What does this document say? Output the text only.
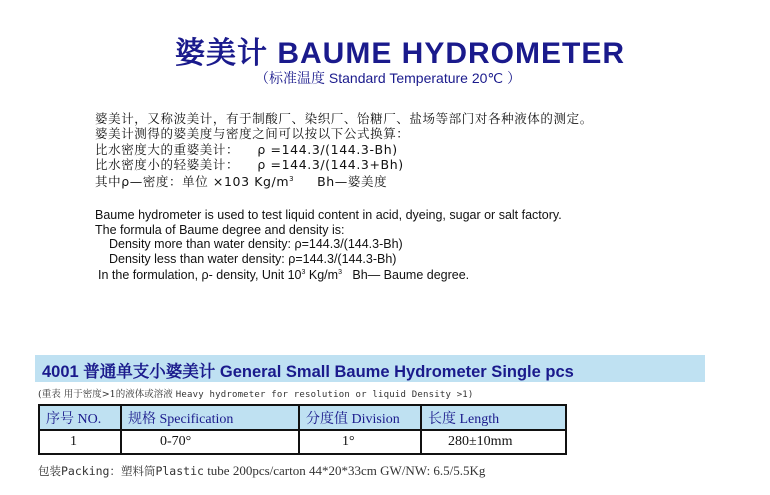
婆美计 BAUME HYDROMETER
（标准温度 Standard Temperature 20℃ ）
婆美计，又称波美计，有于制酸厂、染织厂、饴糖厂、盐场等部门对各种液体的测定。
婆美计测得的婆美度与密度之间可以按以下公式换算：
比水密度大的重婆美计： ρ =144.3/(144.3-Bh)
比水密度小的轻婆美计： ρ =144.3/(144.3+Bh)
其中ρ—密度：单位 ×103 $Kg/m^3$ Bh—婆美度
Baume hydrometer is used to test liquid content in acid, dyeing, sugar or salt factory.
The formula of Baume degree and density is:
Density more than water density: ρ=144.3/(144.3-Bh)
Density less than water density: ρ=144.3/(144.3-Bh)
In the formulation, ρ- density, Unit $10^3$ $Kg/m^3$ Bh— Baume degree.
4001 普通单支小婆美计 General Small Baume Hydrometer Single pcs
(重表 用于密度>1的液体或溶液 Heavy hydrometer for resolution or liquid Density >1)
序号 NO.	规格 Specification	分度值 Division	长度 Length
1	0-70°	1°	280±10mm
包装Packing：塑料筒Plastic tube 200pcs/carton 44*20*33cm GW/NW: 6.5/5.5Kg
